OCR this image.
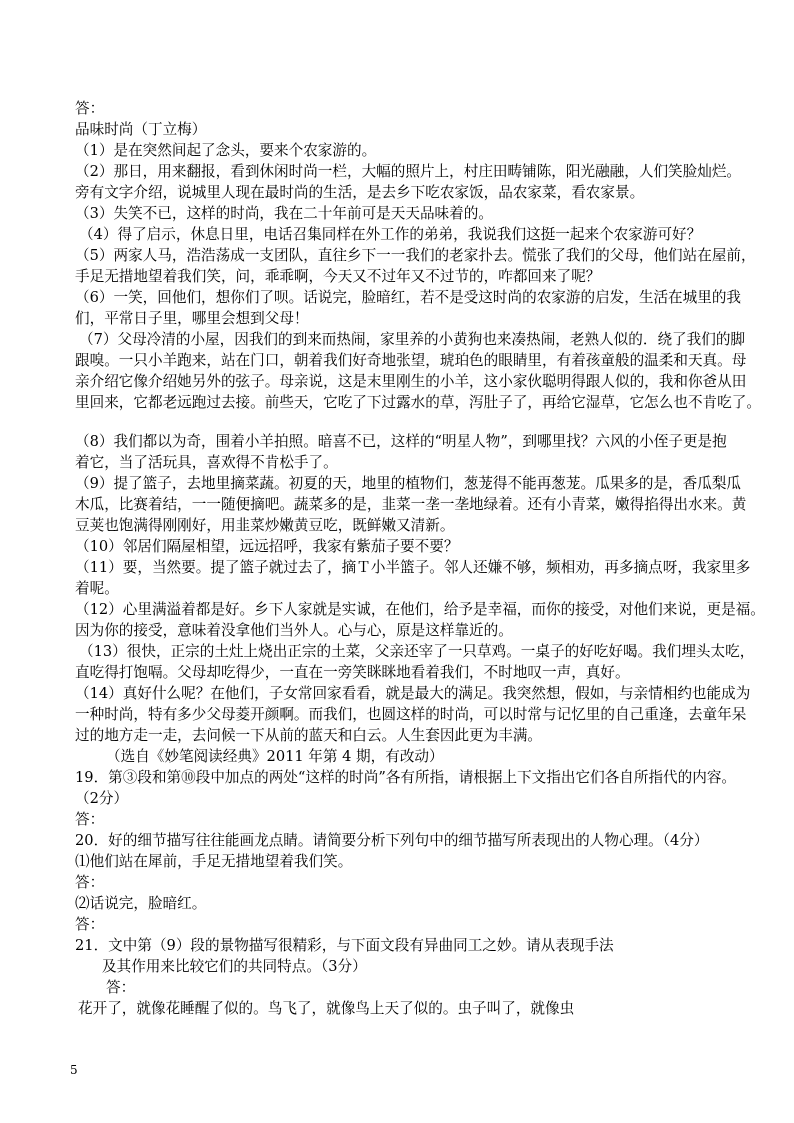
答：
品味时尚（丁立梅）
（1）是在突然间起了念头，要来个农家游的。
（2）那日，用来翻报，看到休闲时尚一栏，大幅的照片上，村庄田畴铺陈，阳光融融，人们笑脸灿烂。
旁有文字介绍，说城里人现在最时尚的生活，是去乡下吃农家饭，品农家菜，看农家景。
（3）失笑不已，这样的时尚，我在二十年前可是天天品味着的。
（4）得了启示，休息日里，电话召集同样在外工作的弟弟，我说我们这挺一起来个农家游可好？
（5）两家人马，浩浩荡成一支团队，直往乡下一一我们的老家扑去。慌张了我们的父母，他们站在屋前，
手足无措地望着我们笑，问，乖乖啊，今天又不过年又不过节的，咋都回来了呢？
（6）一笑，回他们，想你们了呗。话说完，脸暗红，若不是受这时尚的农家游的启发，生活在城里的我
们，平常日子里，哪里会想到父母！
（7）父母冷清的小屋，因我们的到来而热闹，家里养的小黄狗也来凑热闹，老熟人似的．绕了我们的脚
跟嗅。一只小羊跑来，站在门口，朝着我们好奇地张望，琥珀色的眼睛里，有着孩童般的温柔和天真。母
亲介绍它像介绍她另外的弦子。母亲说，这是末里刚生的小羊，这小家伙聪明得跟人似的，我和你爸从田
里回来，它都老远跑过去接。前些天，它吃了下过露水的草，泻肚子了，再给它湿草，它怎么也不肯吃了。
（8）我们都以为奇，围着小羊拍照。暗喜不已，这样的“明星人物”，到哪里找？六风的小侄子更是抱
着它，当了活玩具，喜欢得不肯松手了。
（9）提了篮子，去地里摘菜蔬。初夏的天，地里的植物们，葱茏得不能再葱茏。瓜果多的是，香瓜梨瓜
木瓜，比赛着结，一一随便摘吧。蔬菜多的是，韭菜一垄一垄地绿着。还有小青菜，嫩得掐得出水来。黄
豆荚也饱满得刚刚好，用韭菜炒嫩黄豆吃，既鲜嫩又清新。
（10）邻居们隔屋相望，远远招呼，我家有紫茄子要不要？
（11）要，当然要。提了篮子就过去了，摘Ｔ小半篮子。邻人还嫌不够，频相劝，再多摘点呀，我家里多
着呢。
（12）心里满溢着都是好。乡下人家就是实诚，在他们，给予是幸福，而你的接受，对他们来说，更是福。
因为你的接受，意味着没拿他们当外人。心与心，原是这样靠近的。
（13）很快，正宗的土灶上烧出正宗的土菜，父亲还宰了一只草鸡。一桌子的好吃好喝。我们埋头太吃，
直吃得打饱嗝。父母却吃得少，一直在一旁笑眯眯地看着我们，不时地叹一声，真好。
（14）真好什么呢？在他们，子女常回家看看，就是最大的满足。我突然想，假如，与亲情相约也能成为
一种时尚，特有多少父母菱开颜啊。而我们，也圆这样的时尚，可以时常与记忆里的自己重逢，去童年呆
过的地方走一走，去问候一下从前的蓝天和白云。人生套因此更为丰满。
（选自《妙笔阅读经典》2011 年第 4 期，有改动）
19．第③段和第⑩段中加点的两处“这样的时尚”各有所指，请根据上下文指出它们各自所指代的内容。
（2分）
答：
20．好的细节描写往往能画龙点睛。请简要分析下列句中的细节描写所表现出的人物心理。（4分）
⑴他们站在犀前，手足无措地望着我们笑。
答：
⑵话说完，脸暗红。
答：
21．文中第（9）段的景物描写很精彩，与下面文段有异曲同工之妙。请从表现手法
及其作用来比较它们的共同特点。（3分）
答：
花开了，就像花睡醒了似的。鸟飞了，就像鸟上天了似的。虫子叫了，就像虫
5
